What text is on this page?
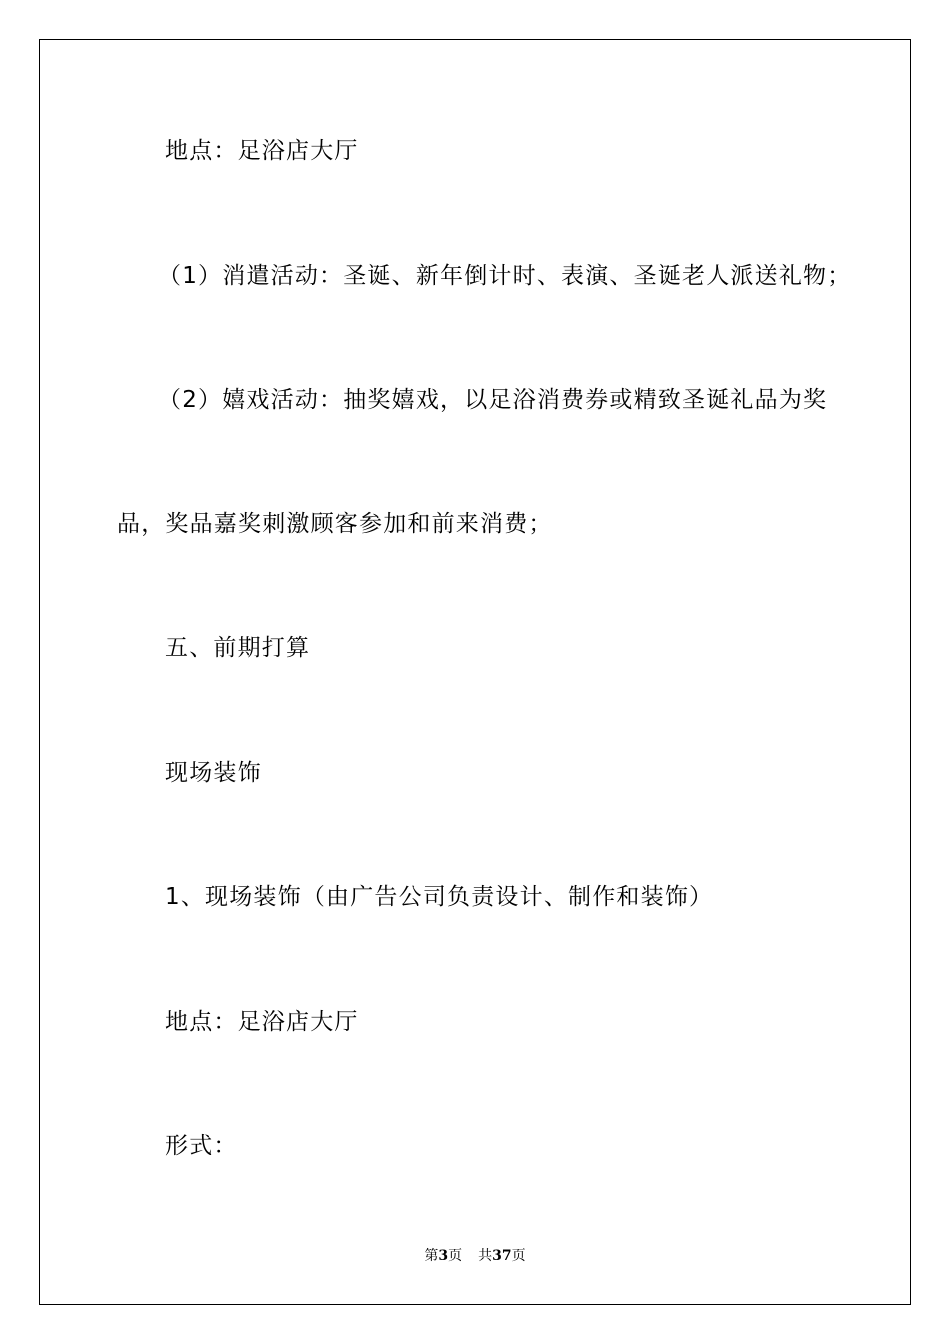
地点：足浴店大厅
（1）消遣活动：圣诞、新年倒计时、表演、圣诞老人派送礼物；
（2）嬉戏活动：抽奖嬉戏，以足浴消费券或精致圣诞礼品为奖
品，奖品嘉奖刺激顾客参加和前来消费；
五、前期打算
现场装饰
1、现场装饰（由广告公司负责设计、制作和装饰）
地点：足浴店大厅
形式：
第3页 共37页
